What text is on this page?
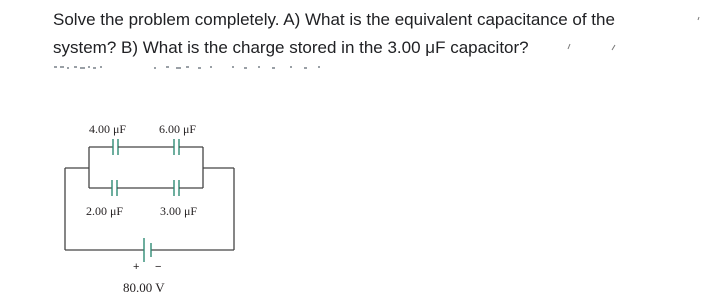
Solve the problem completely. A) What is the equivalent capacitance of the
system? B) What is the charge stored in the 3.00 μF capacitor?
4.00 μF	6.00 μF
+ −
2.00 μF	3.00 μF
80.00 V
